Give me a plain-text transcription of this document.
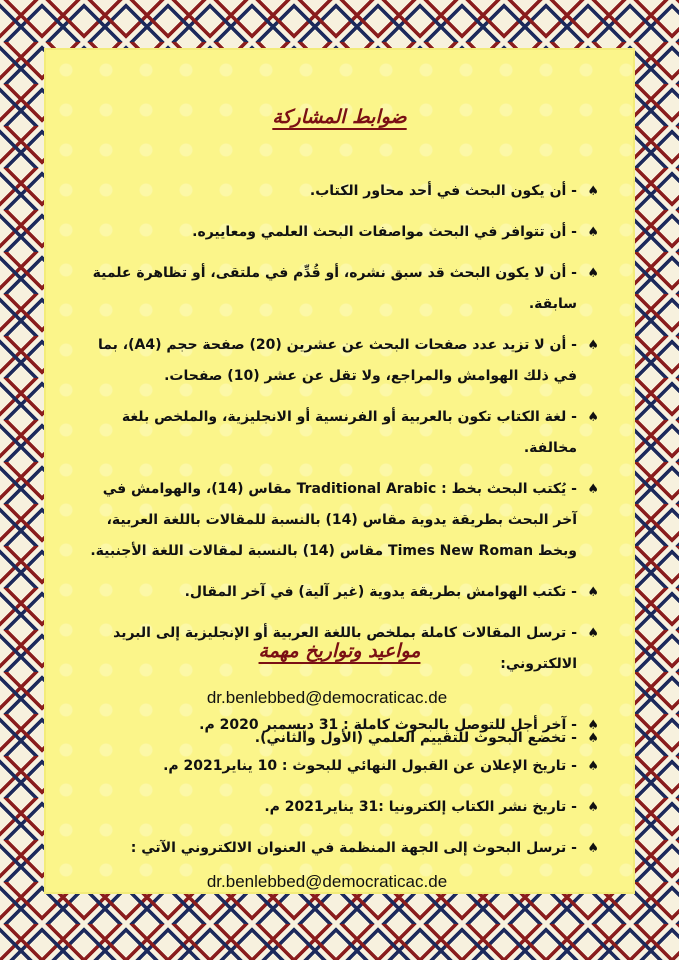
ضوابط المشاركة
♠
- أن يكون البحث في أحد محاور الكتاب.
♠
- أن تتوافر في البحث مواصفات البحث العلمي ومعاييره.
♠
- أن لا يكون البحث قد سبق نشره، أو قُدِّم في ملتقى، أو تظاهرة علمية سابقة.
♠
- أن لا تزيد عدد صفحات البحث عن عشرين (20) صفحة حجم (A4)، بما في ذلك الهوامش والمراجع، ولا تقل عن عشر (10) صفحات.
♠
- لغة الكتاب تكون بالعربية أو الفرنسية أو الانجليزية، والملخص بلغة مخالفة.
♠
- يُكتب البحث بخط : Traditional Arabic مقاس (14)، والهوامش في آخر البحث بطريقة يدوية مقاس (14) بالنسبة للمقالات باللغة العربية، وبخط Times New Roman مقاس (14) بالنسبة لمقالات اللغة الأجنبية.
♠
- تكتب الهوامش بطريقة يدوية (غير آلية) في آخر المقال.
♠
- ترسل المقالات كاملة بملخص باللغة العربية أو الإنجليزية إلى البريد الالكتروني:
dr.benlebbed@democraticac.de
♠
- تخضع البحوث للتقييم العلمي (الأول والثاني).
مواعيد وتواريخ مهمة
♠
- آخر أجل للتوصل بالبحوث كاملة : 31 ديسمبر 2020 م.
♠
- تاريخ الإعلان عن القبول النهائي للبحوث : 10 يناير2021 م.
♠
- تاريخ نشر الكتاب إلكترونيا :31 يناير2021 م.
♠
- ترسل البحوث إلى الجهة المنظمة في العنوان الالكتروني الآتي :
dr.benlebbed@democraticac.de
